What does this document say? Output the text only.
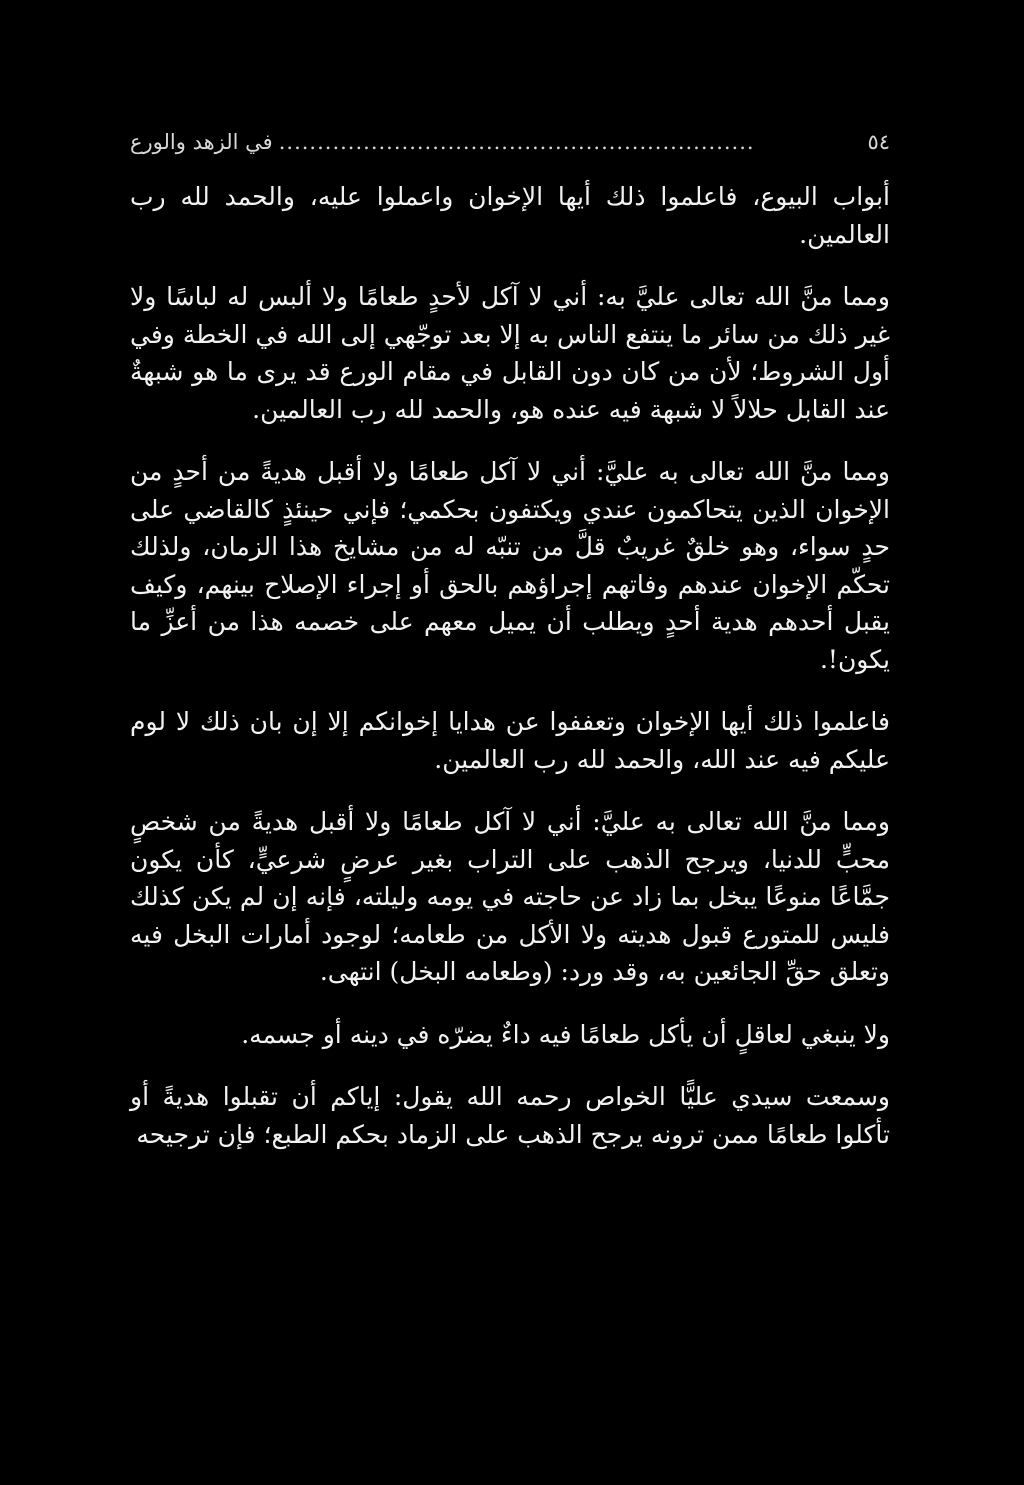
٥٤
..............................................................
في الزهد والورع

أبواب البيوع، فاعلموا ذلك أيها الإخوان واعملوا عليه، والحمد لله رب العالمين.

ومما منَّ الله تعالى عليَّ به: أني لا آكل لأحدٍ طعامًا ولا ألبس له لباسًا ولا غير ذلك من سائر ما ينتفع الناس به إلا بعد توجّهي إلى الله في الخطة وفي أول الشروط؛ لأن من كان دون القابل في مقام الورع قد يرى ما هو شبهةٌ عند القابل حلالاً لا شبهة فيه عنده هو، والحمد لله رب العالمين.

ومما منَّ الله تعالى به عليَّ: أني لا آكل طعامًا ولا أقبل هديةً من أحدٍ من الإخوان الذين يتحاكمون عندي ويكتفون بحكمي؛ فإني حينئذٍ كالقاضي على حدٍ سواء، وهو خلقٌ غريبٌ قلَّ من تنبّه له من مشايخ هذا الزمان، ولذلك تحكّم الإخوان عندهم وفاتهم إجراؤهم بالحق أو إجراء الإصلاح بينهم، وكيف يقبل أحدهم هدية أحدٍ ويطلب أن يميل معهم على خصمه هذا من أعزِّ ما يكون!.

فاعلموا ذلك أيها الإخوان وتعففوا عن هدايا إخوانكم إلا إن بان ذلك لا لوم عليكم فيه عند الله، والحمد لله رب العالمين.

ومما منَّ الله تعالى به عليَّ: أني لا آكل طعامًا ولا أقبل هديةً من شخصٍ محبٍّ للدنيا، ويرجح الذهب على التراب بغير عرضٍ شرعيٍّ، كأن يكون جمَّاعًا منوعًا يبخل بما زاد عن حاجته في يومه وليلته، فإنه إن لم يكن كذلك فليس للمتورع قبول هديته ولا الأكل من طعامه؛ لوجود أمارات البخل فيه وتعلق حقِّ الجائعين به، وقد ورد: (وطعامه البخل) انتهى.

ولا ينبغي لعاقلٍ أن يأكل طعامًا فيه داءٌ يضرّه في دينه أو جسمه.

وسمعت سيدي عليًّا الخواص رحمه الله يقول: إياكم أن تقبلوا هديةً أو تأكلوا طعامًا ممن ترونه يرجح الذهب على الزماد بحكم الطبع؛ فإن ترجيحه
